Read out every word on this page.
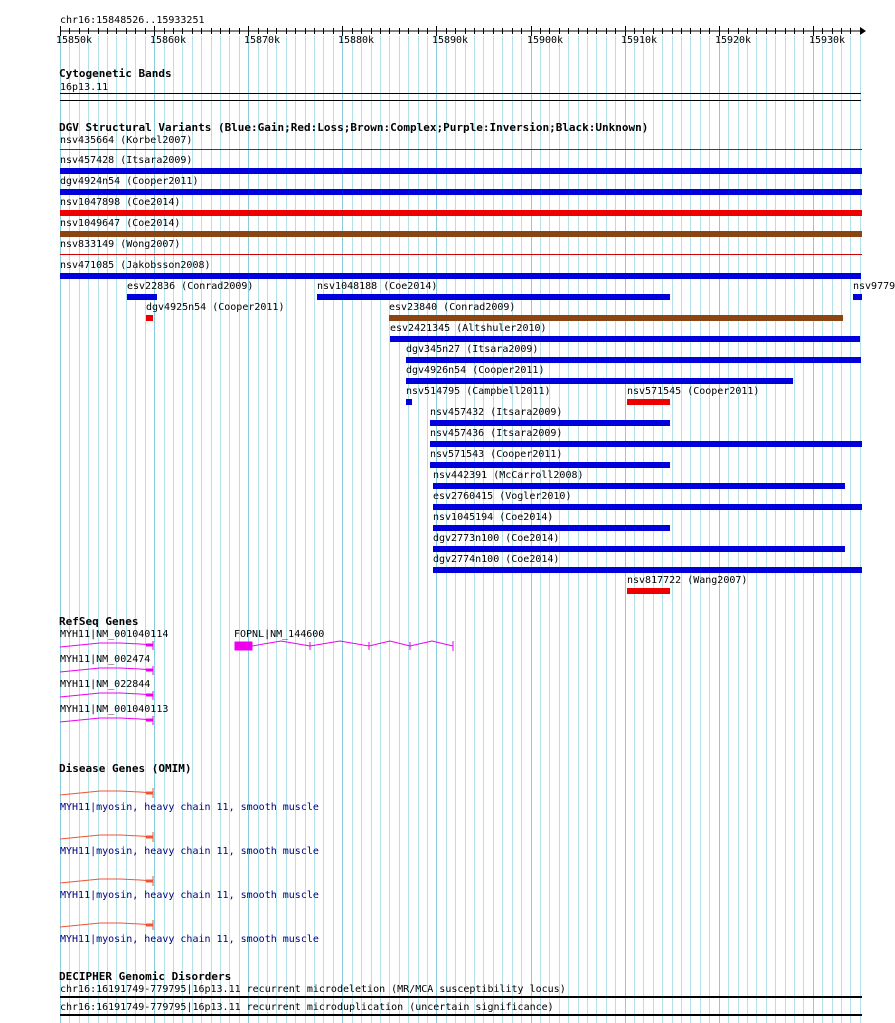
chr16:15848526..15933251
15850k	15860k	15870k	15880k	15890k	15900k	15910k	15920k	15930k
Cytogenetic Bands
16p13.11
DGV Structural Variants (Blue:Gain;Red:Loss;Brown:Complex;Purple:Inversion;Black:Unknown)
nsv435664 (Korbel2007)
nsv457428 (Itsara2009)
dgv4924n54 (Cooper2011)
nsv1047898 (Coe2014)
nsv1049647 (Coe2014)
nsv833149 (Wong2007)
nsv471085 (Jakobsson2008)
esv22836 (Conrad2009)	nsv1048188 (Coe2014)	nsv9779
dgv4925n54 (Cooper2011)	esv23840 (Conrad2009)
esv2421345 (Altshuler2010)
dgv345n27 (Itsara2009)
dgv4926n54 (Cooper2011)
nsv514795 (Campbell2011)	nsv571545 (Cooper2011)
nsv457432 (Itsara2009)
nsv457436 (Itsara2009)
nsv571543 (Cooper2011)
nsv442391 (McCarroll2008)
esv2760415 (Vogler2010)
nsv1045194 (Coe2014)
dgv2773n100 (Coe2014)
dgv2774n100 (Coe2014)
nsv817722 (Wang2007)
RefSeq Genes
MYH11|NM_001040114	FOPNL|NM_144600
MYH11|NM_002474
MYH11|NM_022844
MYH11|NM_001040113
Disease Genes (OMIM)
MYH11|myosin, heavy chain 11, smooth muscle
MYH11|myosin, heavy chain 11, smooth muscle
MYH11|myosin, heavy chain 11, smooth muscle
MYH11|myosin, heavy chain 11, smooth muscle
DECIPHER Genomic Disorders
chr16:16191749-779795|16p13.11 recurrent microdeletion (MR/MCA susceptibility locus)
chr16:16191749-779795|16p13.11 recurrent microduplication (uncertain significance)
